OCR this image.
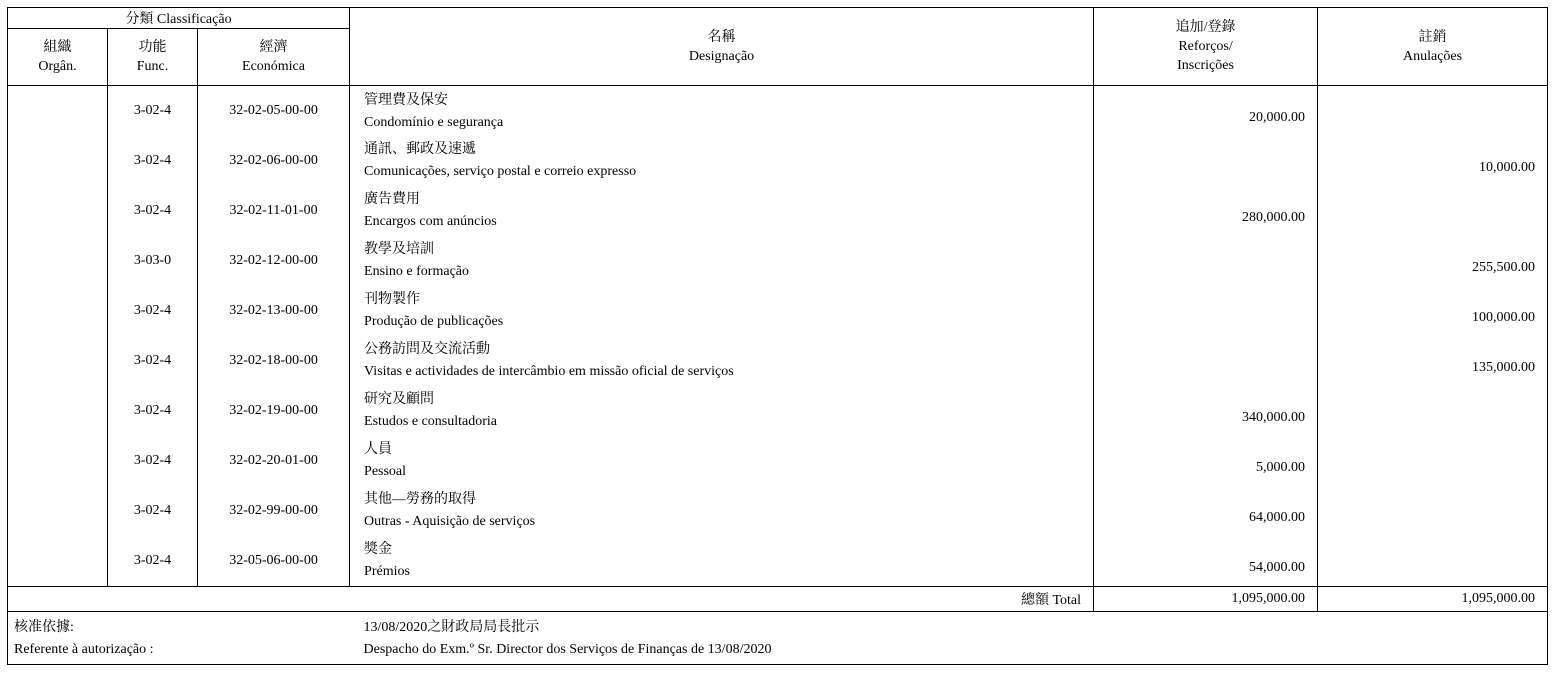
分類 Classificação			名稱
Designação	追加/登錄
Reforços/
Inscrições	註銷
Anulações

組織
Orgân.	功能
Func.	經濟
Económica			

	3-02-4	32-02-05-00-00	管理費及保安
Condomínio e segurança	20,000.00	
	3-02-4	32-02-06-00-00	通訊、郵政及速遞
Comunicações, serviço postal e correio expresso		10,000.00
	3-02-4	32-02-11-01-00	廣告費用
Encargos com anúncios	280,000.00	
	3-03-0	32-02-12-00-00	教學及培訓
Ensino e formação		255,500.00
	3-02-4	32-02-13-00-00	刊物製作
Produção de publicações		100,000.00
	3-02-4	32-02-18-00-00	公務訪問及交流活動
Visitas e actividades de intercâmbio em missão oficial de serviços		135,000.00
	3-02-4	32-02-19-00-00	研究及顧問
Estudos e consultadoria	340,000.00	
	3-02-4	32-02-20-01-00	人員
Pessoal	5,000.00	
	3-02-4	32-02-99-00-00	其他—勞務的取得
Outras - Aquisição de serviços	64,000.00	
	3-02-4	32-05-06-00-00	獎金
Prémios	54,000.00	
總額 Total				1,095,000.00	1,095,000.00

核准依據:
Referente à autorização :			13/08/2020之財政局局長批示
Despacho do Exm.º Sr. Director dos Serviços de Finanças de 13/08/2020		
